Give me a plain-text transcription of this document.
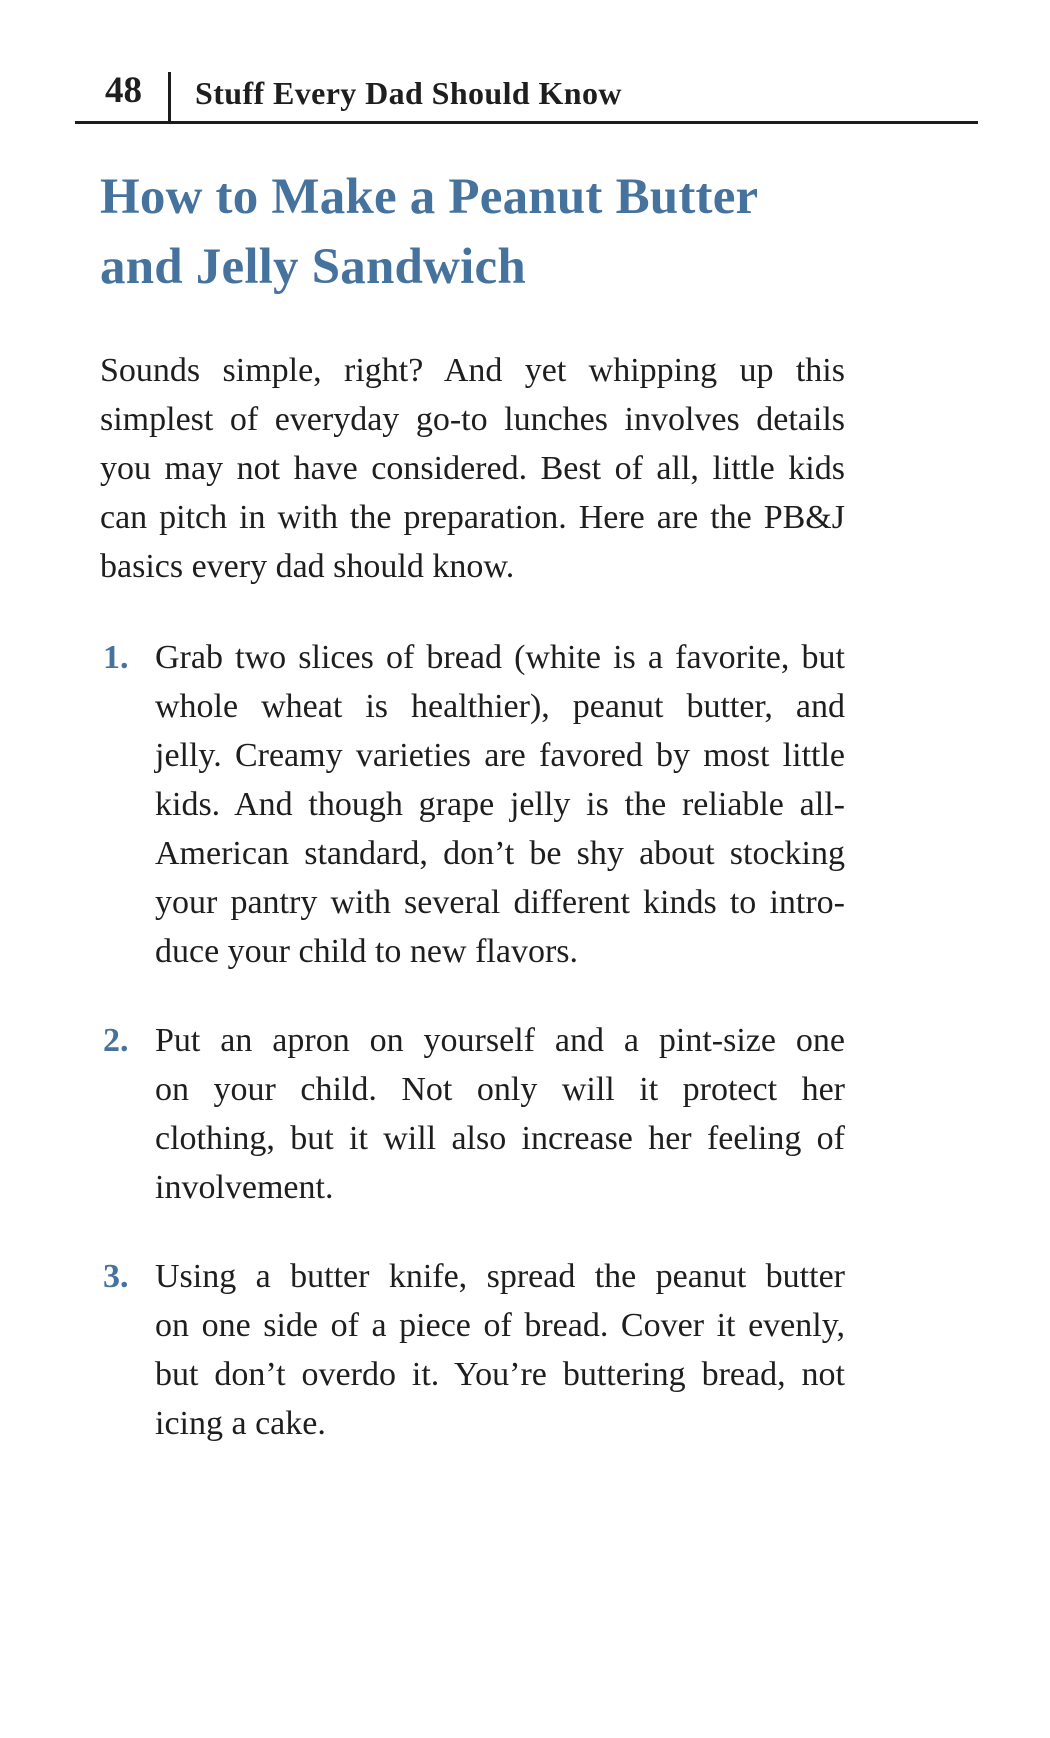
48 Stuff Every Dad Should Know
How to Make a Peanut Butter
and Jelly Sandwich
Sounds simple, right? And yet whipping up this
simplest of everyday go-to lunches involves details
you may not have considered. Best of all, little kids
can pitch in with the preparation. Here are the PB&J
basics every dad should know.
1. Grab two slices of bread (white is a favorite, but
whole wheat is healthier), peanut butter, and
jelly. Creamy varieties are favored by most little
kids. And though grape jelly is the reliable all-
American standard, don’t be shy about stocking
your pantry with several different kinds to intro-
duce your child to new flavors.
2. Put an apron on yourself and a pint-size one
on your child. Not only will it protect her
clothing, but it will also increase her feeling of
involvement.
3. Using a butter knife, spread the peanut butter
on one side of a piece of bread. Cover it evenly,
but don’t overdo it. You’re buttering bread, not
icing a cake.
